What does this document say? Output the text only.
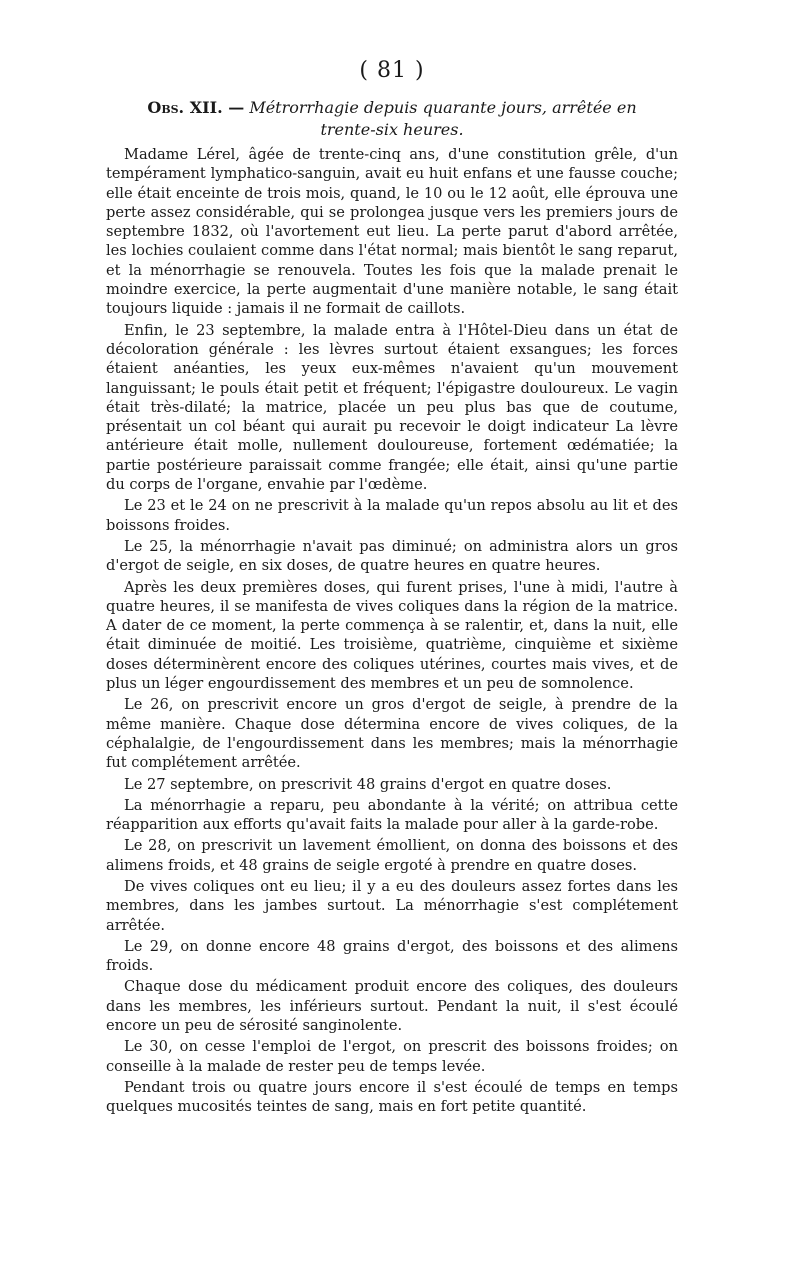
( 81 )
Obs. XII. — Métrorrhagie depuis quarante jours, arrêtée en trente-six heures.

Madame Lérel, âgée de trente-cinq ans, d'une constitution grêle, d'un tempérament lymphatico-sanguin, avait eu huit enfans et une fausse couche; elle était enceinte de trois mois, quand, le 10 ou le 12 août, elle éprouva une perte assez considérable, qui se prolongea jusque vers les premiers jours de septembre 1832, où l'avortement eut lieu. La perte parut d'abord arrêtée, les lochies coulaient comme dans l'état normal; mais bientôt le sang reparut, et la ménorrhagie se renouvela. Toutes les fois que la malade prenait le moindre exercice, la perte augmentait d'une manière notable, le sang était toujours liquide : jamais il ne formait de caillots.

Enfin, le 23 septembre, la malade entra à l'Hôtel-Dieu dans un état de décoloration générale : les lèvres surtout étaient exsangues; les forces étaient anéanties, les yeux eux-mêmes n'avaient qu'un mouvement languissant; le pouls était petit et fréquent; l'épigastre douloureux. Le vagin était très-dilaté; la matrice, placée un peu plus bas que de coutume, présentait un col béant qui aurait pu recevoir le doigt indicateur La lèvre antérieure était molle, nullement douloureuse, fortement œdématiée; la partie postérieure paraissait comme frangée; elle était, ainsi qu'une partie du corps de l'organe, envahie par l'œdème.

Le 23 et le 24 on ne prescrivit à la malade qu'un repos absolu au lit et des boissons froides.

Le 25, la ménorrhagie n'avait pas diminué; on administra alors un gros d'ergot de seigle, en six doses, de quatre heures en quatre heures.

Après les deux premières doses, qui furent prises, l'une à midi, l'autre à quatre heures, il se manifesta de vives coliques dans la région de la matrice. A dater de ce moment, la perte commença à se ralentir, et, dans la nuit, elle était diminuée de moitié. Les troisième, quatrième, cinquième et sixième doses déterminèrent encore des coliques utérines, courtes mais vives, et de plus un léger engourdissement des membres et un peu de somnolence.

Le 26, on prescrivit encore un gros d'ergot de seigle, à prendre de la même manière. Chaque dose détermina encore de vives coliques, de la céphalalgie, de l'engourdissement dans les membres; mais la ménorrhagie fut complétement arrêtée.

Le 27 septembre, on prescrivit 48 grains d'ergot en quatre doses.

La ménorrhagie a reparu, peu abondante à la vérité; on attribua cette réapparition aux efforts qu'avait faits la malade pour aller à la garde-robe.

Le 28, on prescrivit un lavement émollient, on donna des boissons et des alimens froids, et 48 grains de seigle ergoté à prendre en quatre doses.

De vives coliques ont eu lieu; il y a eu des douleurs assez fortes dans les membres, dans les jambes surtout. La ménorrhagie s'est complétement arrêtée.

Le 29, on donne encore 48 grains d'ergot, des boissons et des alimens froids.

Chaque dose du médicament produit encore des coliques, des douleurs dans les membres, les inférieurs surtout. Pendant la nuit, il s'est écoulé encore un peu de sérosité sanginolente.

Le 30, on cesse l'emploi de l'ergot, on prescrit des boissons froides; on conseille à la malade de rester peu de temps levée.

Pendant trois ou quatre jours encore il s'est écoulé de temps en temps quelques mucosités teintes de sang, mais en fort petite quantité.
